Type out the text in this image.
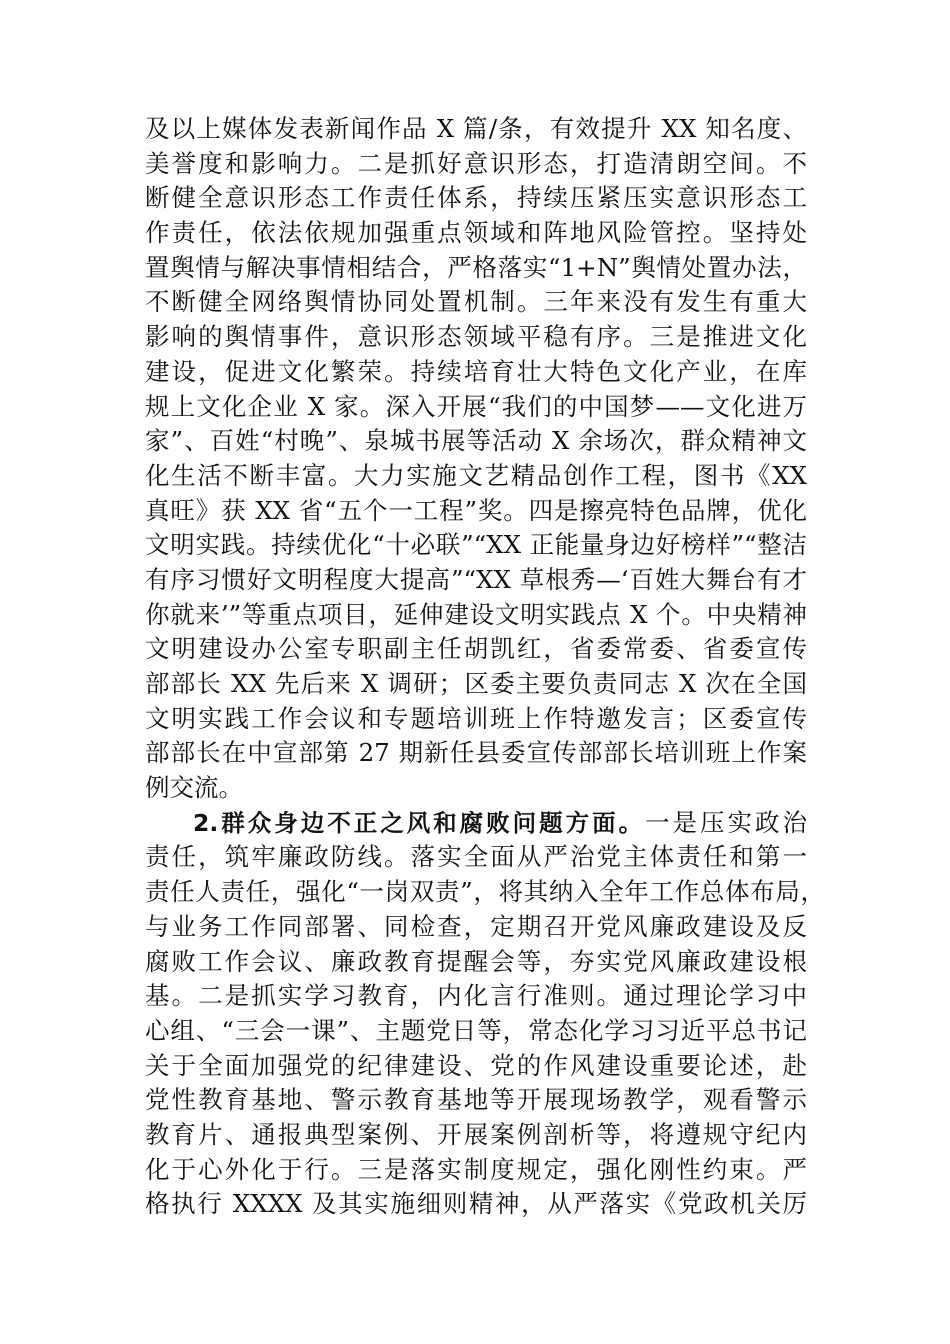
及以上媒体发表新闻作品 X 篇/条，有效提升 XX 知名度、
美誉度和影响力。二是抓好意识形态，打造清朗空间。不
断健全意识形态工作责任体系，持续压紧压实意识形态工
作责任，依法依规加强重点领域和阵地风险管控。坚持处
置舆情与解决事情相结合，严格落实“1+N”舆情处置办法，
不断健全网络舆情协同处置机制。三年来没有发生有重大
影响的舆情事件，意识形态领域平稳有序。三是推进文化
建设，促进文化繁荣。持续培育壮大特色文化产业，在库
规上文化企业 X 家。深入开展“我们的中国梦——文化进万
家”、百姓“村晚”、泉城书展等活动 X 余场次，群众精神文
化生活不断丰富。大力实施文艺精品创作工程，图书《XX
真旺》获 XX 省“五个一工程”奖。四是擦亮特色品牌，优化
文明实践。持续优化“十必联”“XX 正能量身边好榜样”“整洁
有序习惯好文明程度大提高”“XX 草根秀—‘百姓大舞台有才
你就来’”等重点项目，延伸建设文明实践点 X 个。中央精神
文明建设办公室专职副主任胡凯红，省委常委、省委宣传
部部长 XX 先后来 X 调研；区委主要负责同志 X 次在全国
文明实践工作会议和专题培训班上作特邀发言；区委宣传
部部长在中宣部第 27 期新任县委宣传部部长培训班上作案
例交流。
2.群众身边不正之风和腐败问题方面。一是压实政治
责任，筑牢廉政防线。落实全面从严治党主体责任和第一
责任人责任，强化“一岗双责”，将其纳入全年工作总体布局，
与业务工作同部署、同检查，定期召开党风廉政建设及反
腐败工作会议、廉政教育提醒会等，夯实党风廉政建设根
基。二是抓实学习教育，内化言行准则。通过理论学习中
心组、“三会一课”、主题党日等，常态化学习习近平总书记
关于全面加强党的纪律建设、党的作风建设重要论述，赴
党性教育基地、警示教育基地等开展现场教学，观看警示
教育片、通报典型案例、开展案例剖析等，将遵规守纪内
化于心外化于行。三是落实制度规定，强化刚性约束。严
格执行 XXXX 及其实施细则精神，从严落实《党政机关厉
